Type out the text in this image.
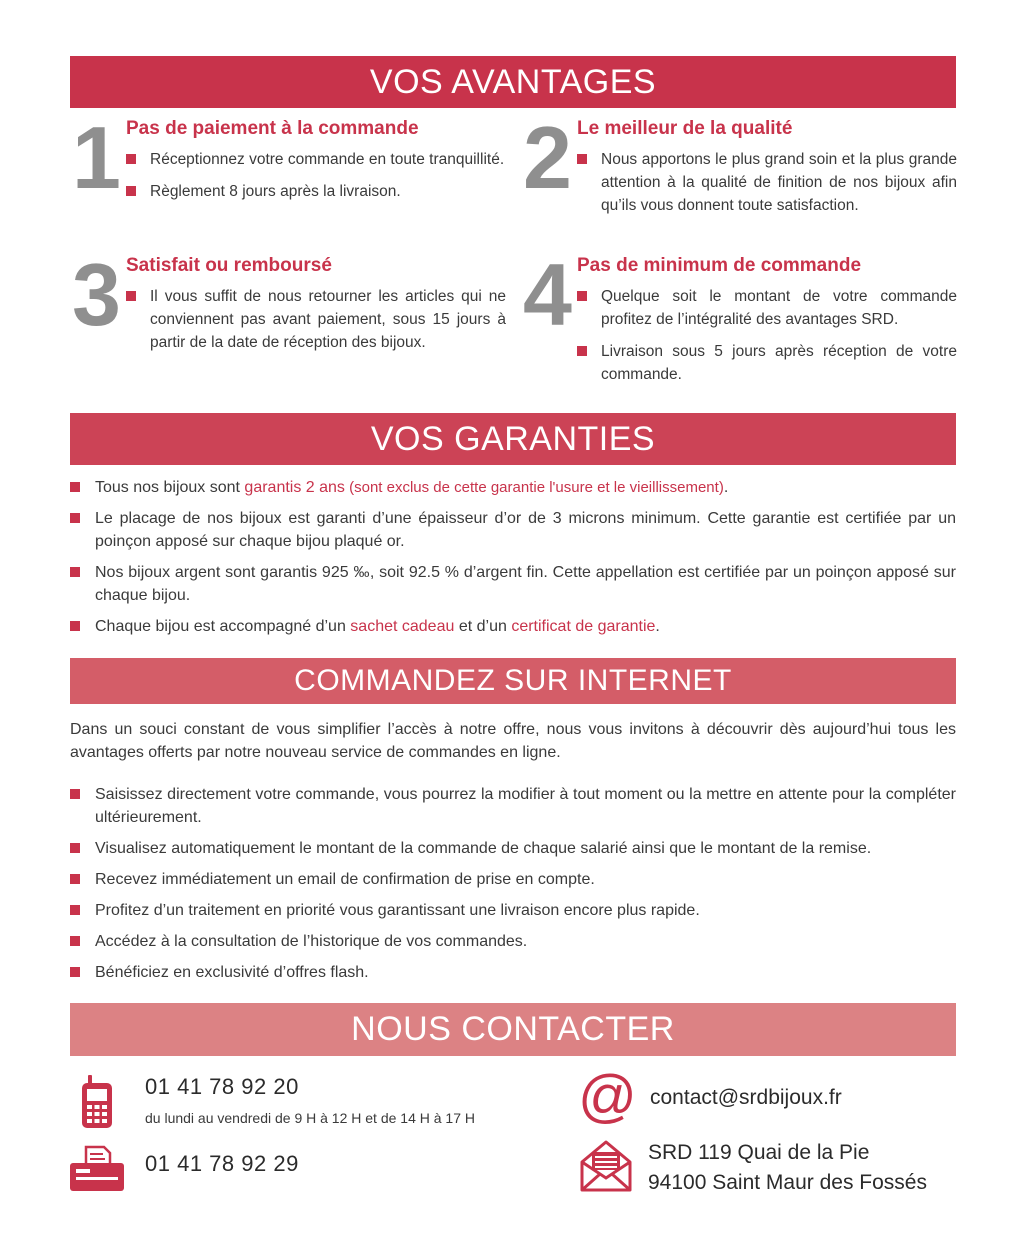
VOS AVANTAGES
1 Pas de paiement à la commande
Réceptionnez votre commande en toute tranquillité.
Règlement 8 jours après la livraison.	2 Le meilleur de la qualité
Nous apportons le plus grand soin et la plus grande attention à la qualité de finition de nos bijoux afin qu’ils vous donnent toute satisfaction.
3 Satisfait ou remboursé
Il vous suffit de nous retourner les articles qui ne conviennent pas avant paiement, sous 15 jours à partir de la date de réception des bijoux.	4 Pas de minimum de commande
Quelque soit le montant de votre commande profitez de l’intégralité des avantages SRD.
Livraison sous 5 jours après réception de votre commande.
VOS GARANTIES
Tous nos bijoux sont garantis 2 ans (sont exclus de cette garantie l'usure et le vieillissement).
Le placage de nos bijoux est garanti d’une épaisseur d’or de 3 microns minimum. Cette garantie est certifiée par un poinçon apposé sur chaque bijou plaqué or.
Nos bijoux argent sont garantis 925 ‰, soit 92.5 % d’argent fin. Cette appellation est certifiée par un poinçon apposé sur chaque bijou.
Chaque bijou est accompagné d’un sachet cadeau et d’un certificat de garantie.
COMMANDEZ SUR INTERNET
Dans un souci constant de vous simplifier l’accès à notre offre, nous vous invitons à découvrir dès aujourd’hui tous les avantages offerts par notre nouveau service de commandes en ligne.
Saisissez directement votre commande, vous pourrez la modifier à tout moment ou la mettre en attente pour la compléter ultérieurement.
Visualisez automatiquement le montant de la commande de chaque salarié ainsi que le montant de la remise.
Recevez immédiatement un email de confirmation de prise en compte.
Profitez d’un traitement en priorité vous garantissant une livraison encore plus rapide.
Accédez à la consultation de l’historique de vos commandes.
Bénéficiez en exclusivité d’offres flash.
NOUS CONTACTER
01 41 78 92 20
du lundi au vendredi de 9 H à 12 H et de 14 H à 17 H
01 41 78 92 29
@ contact@srdbijoux.fr
SRD 119 Quai de la Pie
94100 Saint Maur des Fossés
